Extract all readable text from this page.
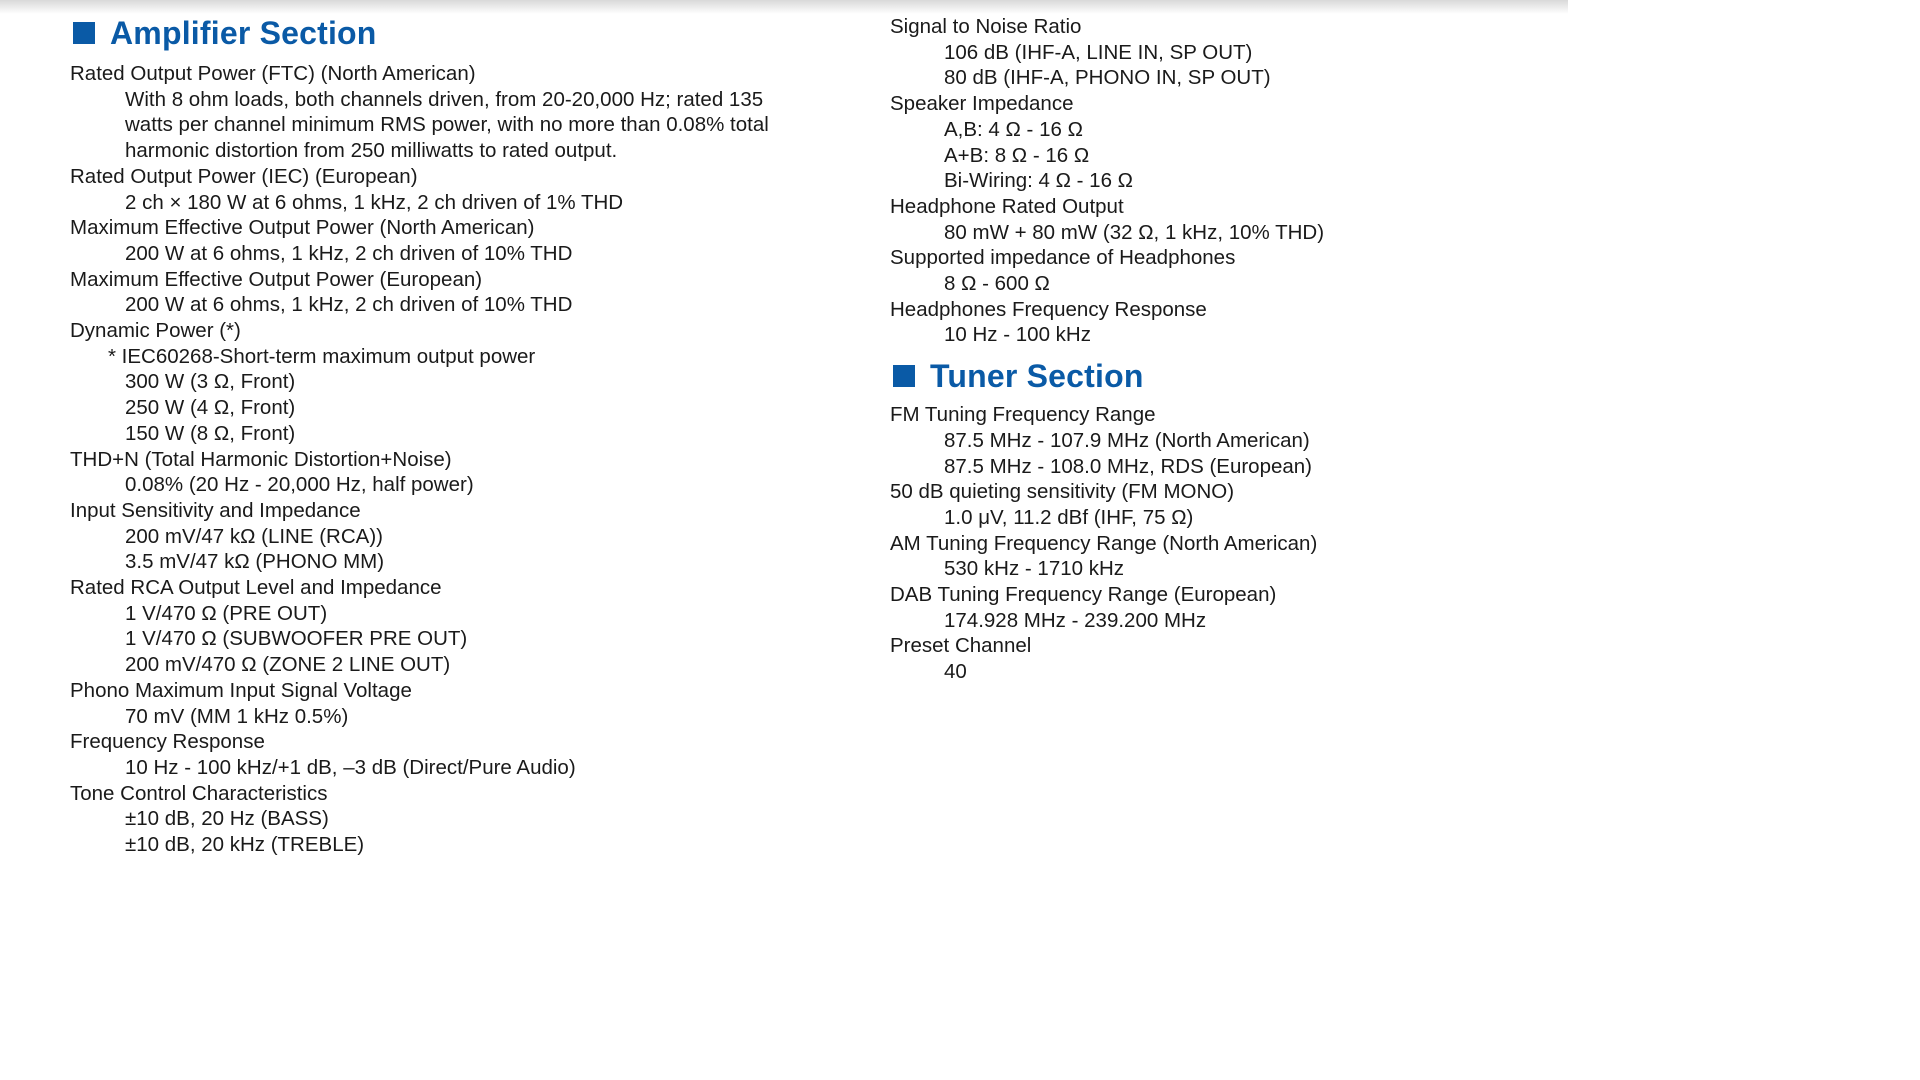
Amplifier Section
Rated Output Power (FTC) (North American)
With 8 ohm loads, both channels driven, from 20-20,000 Hz; rated 135 watts per channel minimum RMS power, with no more than 0.08% total harmonic distortion from 250 milliwatts to rated output.
Rated Output Power (IEC) (European)
2 ch × 180 W at 6 ohms, 1 kHz, 2 ch driven of 1% THD
Maximum Effective Output Power (North American)
200 W at 6 ohms, 1 kHz, 2 ch driven of 10% THD
Maximum Effective Output Power (European)
200 W at 6 ohms, 1 kHz, 2 ch driven of 10% THD
Dynamic Power (*)
* IEC60268-Short-term maximum output power
300 W (3 Ω, Front)
250 W (4 Ω, Front)
150 W (8 Ω, Front)
THD+N (Total Harmonic Distortion+Noise)
0.08% (20 Hz - 20,000 Hz, half power)
Input Sensitivity and Impedance
200 mV/47 kΩ (LINE (RCA))
3.5 mV/47 kΩ (PHONO MM)
Rated RCA Output Level and Impedance
1 V/470 Ω (PRE OUT)
1 V/470 Ω (SUBWOOFER PRE OUT)
200 mV/470 Ω (ZONE 2 LINE OUT)
Phono Maximum Input Signal Voltage
70 mV (MM 1 kHz 0.5%)
Frequency Response
10 Hz - 100 kHz/+1 dB, –3 dB (Direct/Pure Audio)
Tone Control Characteristics
±10 dB, 20 Hz (BASS)
±10 dB, 20 kHz (TREBLE)
Signal to Noise Ratio
106 dB (IHF-A, LINE IN, SP OUT)
80 dB (IHF-A, PHONO IN, SP OUT)
Speaker Impedance
A,B: 4 Ω - 16 Ω
A+B: 8 Ω - 16 Ω
Bi-Wiring: 4 Ω - 16 Ω
Headphone Rated Output
80 mW + 80 mW (32 Ω, 1 kHz, 10% THD)
Supported impedance of Headphones
8 Ω - 600 Ω
Headphones Frequency Response
10 Hz - 100 kHz
Tuner Section
FM Tuning Frequency Range
87.5 MHz - 107.9 MHz (North American)
87.5 MHz - 108.0 MHz, RDS (European)
50 dB quieting sensitivity (FM MONO)
1.0 μV, 11.2 dBf (IHF, 75 Ω)
AM Tuning Frequency Range (North American)
530 kHz - 1710 kHz
DAB Tuning Frequency Range (European)
174.928 MHz - 239.200 MHz
Preset Channel
40
